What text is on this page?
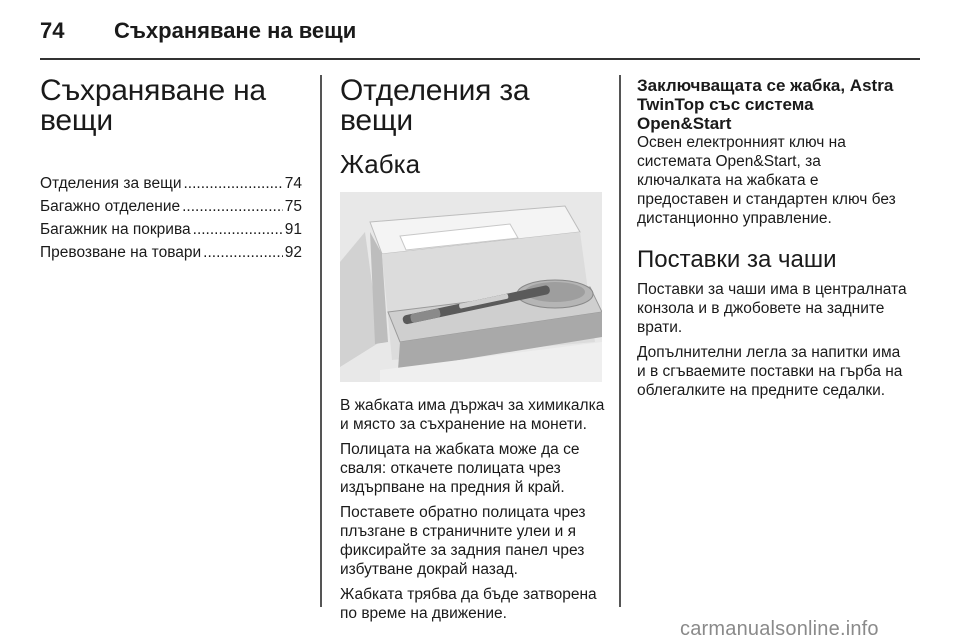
74 Съхраняване на вещи
Съхраняване на вещи
Отделения за вещи .....	74
Багажно отделение .....	75
Багажник на покрива .....	91
Превозване на товари .....	92
Отделения за вещи
Жабка

В жабката има държач за химикалка и място за съхранение на монети.

Полицата на жабката може да се сваля: откачете полицата чрез издърпване на предния й край.

Поставете обратно полицата чрез плъзгане в страничните улеи и я фиксирайте за задния панел чрез избутване докрай назад.

Жабката трябва да бъде затворена по време на движение.

Заключващата се жабка, Astra TwinTop със система Open&Start

Освен електронният ключ на системата Open&Start, за ключалката на жабката е предоставен и стандартен ключ без дистанционно управление.

Поставки за чаши

Поставки за чаши има в централната конзола и в джобовете на задните врати.

Допълнителни легла за напитки има и в сгъваемите поставки на гърба на облегалките на предните седалки.

carmanualsonline.info
